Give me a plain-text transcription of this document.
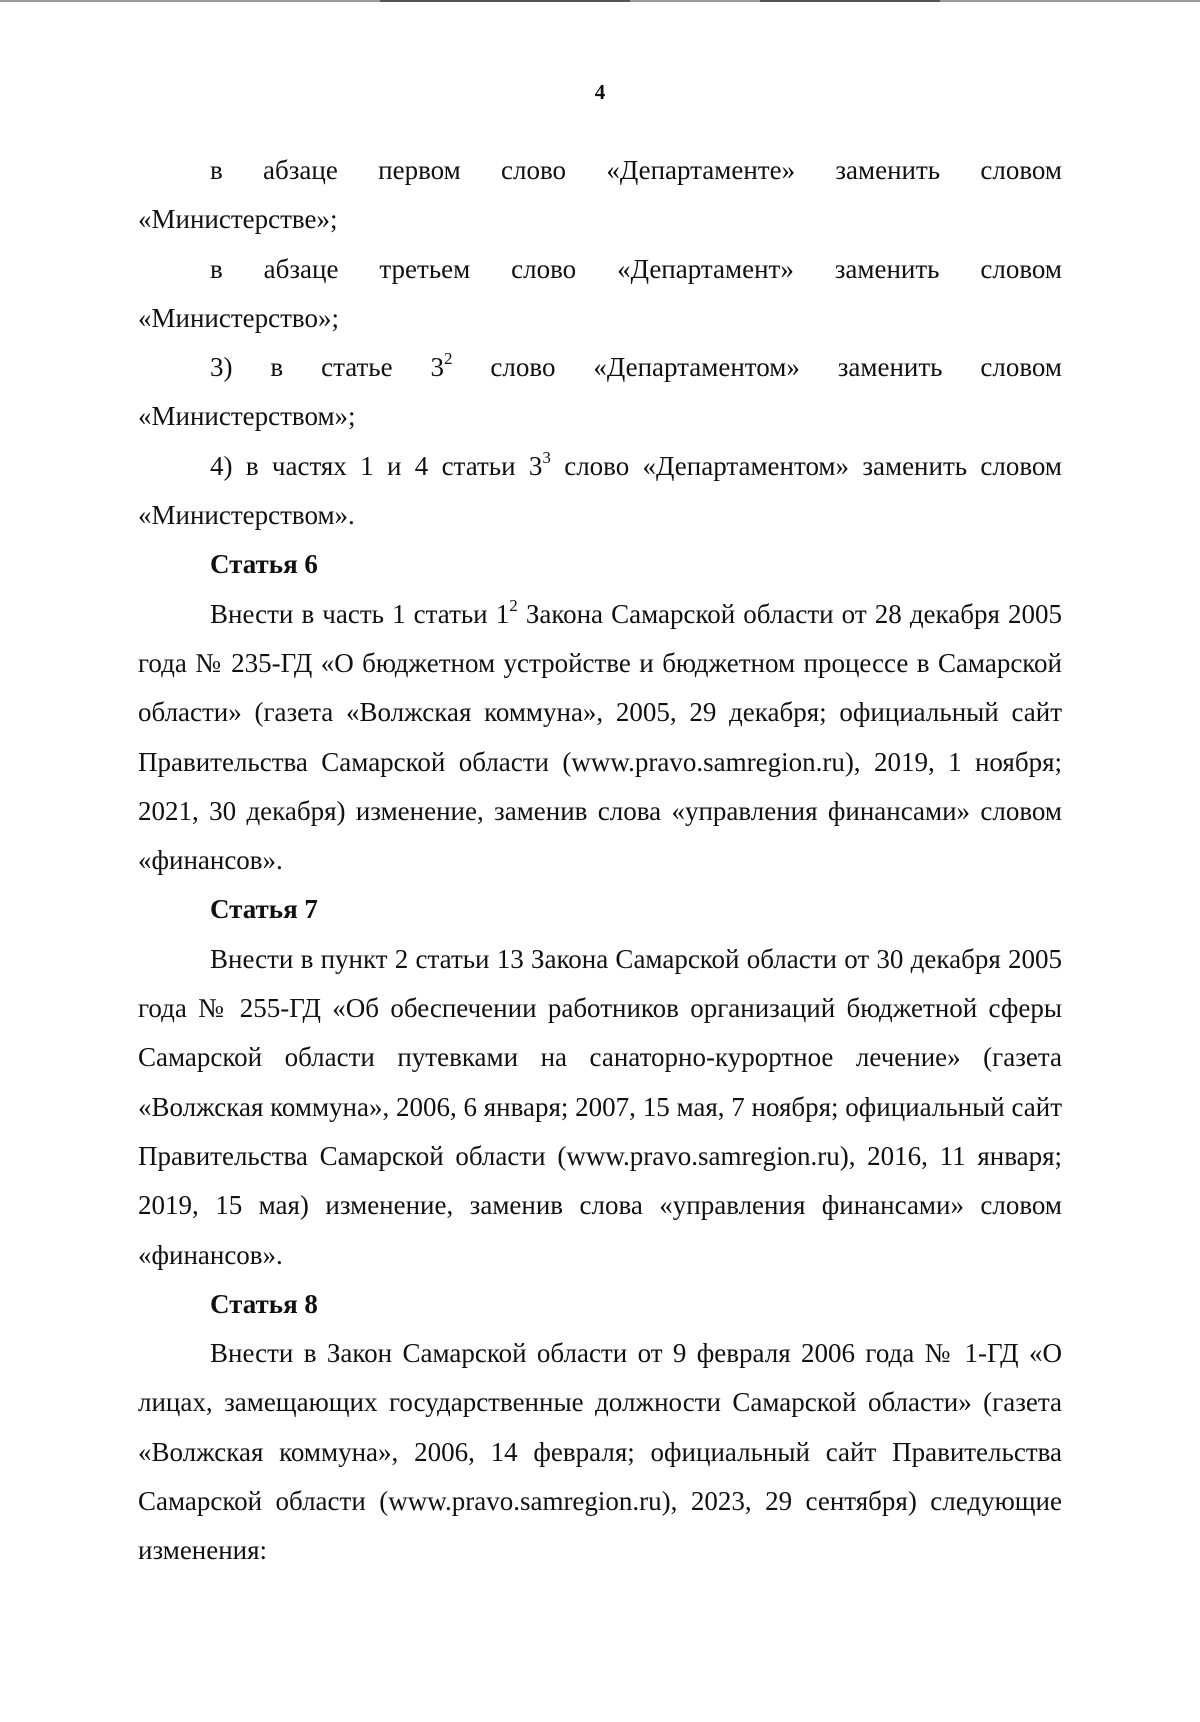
4

в абзаце первом слово «Департаменте» заменить словом «Министерстве»;

в абзаце третьем слово «Департамент» заменить словом «Министерство»;

3) в статье $3^2$ слово «Департаментом» заменить словом «Министерством»;

4) в частях 1 и 4 статьи $3^3$ слово «Департаментом» заменить словом «Министерством».

Статья 6

Внести в часть 1 статьи $1^2$ Закона Самарской области от 28 декабря 2005 года № 235-ГД «О бюджетном устройстве и бюджетном процессе в Самарской области» (газета «Волжская коммуна», 2005, 29 декабря; официальный сайт Правительства Самарской области (www.pravo.samregion.ru), 2019, 1 ноября; 2021, 30 декабря) изменение, заменив слова «управления финансами» словом «финансов».

Статья 7

Внести в пункт 2 статьи 13 Закона Самарской области от 30 декабря 2005 года № 255-ГД «Об обеспечении работников организаций бюджетной сферы Самарской области путевками на санаторно-курортное лечение» (газета «Волжская коммуна», 2006, 6 января; 2007, 15 мая, 7 ноября; официальный сайт Правительства Самарской области (www.pravo.samregion.ru), 2016, 11 января; 2019, 15 мая) изменение, заменив слова «управления финансами» словом «финансов».

Статья 8

Внести в Закон Самарской области от 9 февраля 2006 года № 1-ГД «О лицах, замещающих государственные должности Самарской области» (газета «Волжская коммуна», 2006, 14 февраля; официальный сайт Правительства Самарской области (www.pravo.samregion.ru), 2023, 29 сентября) следующие изменения:
